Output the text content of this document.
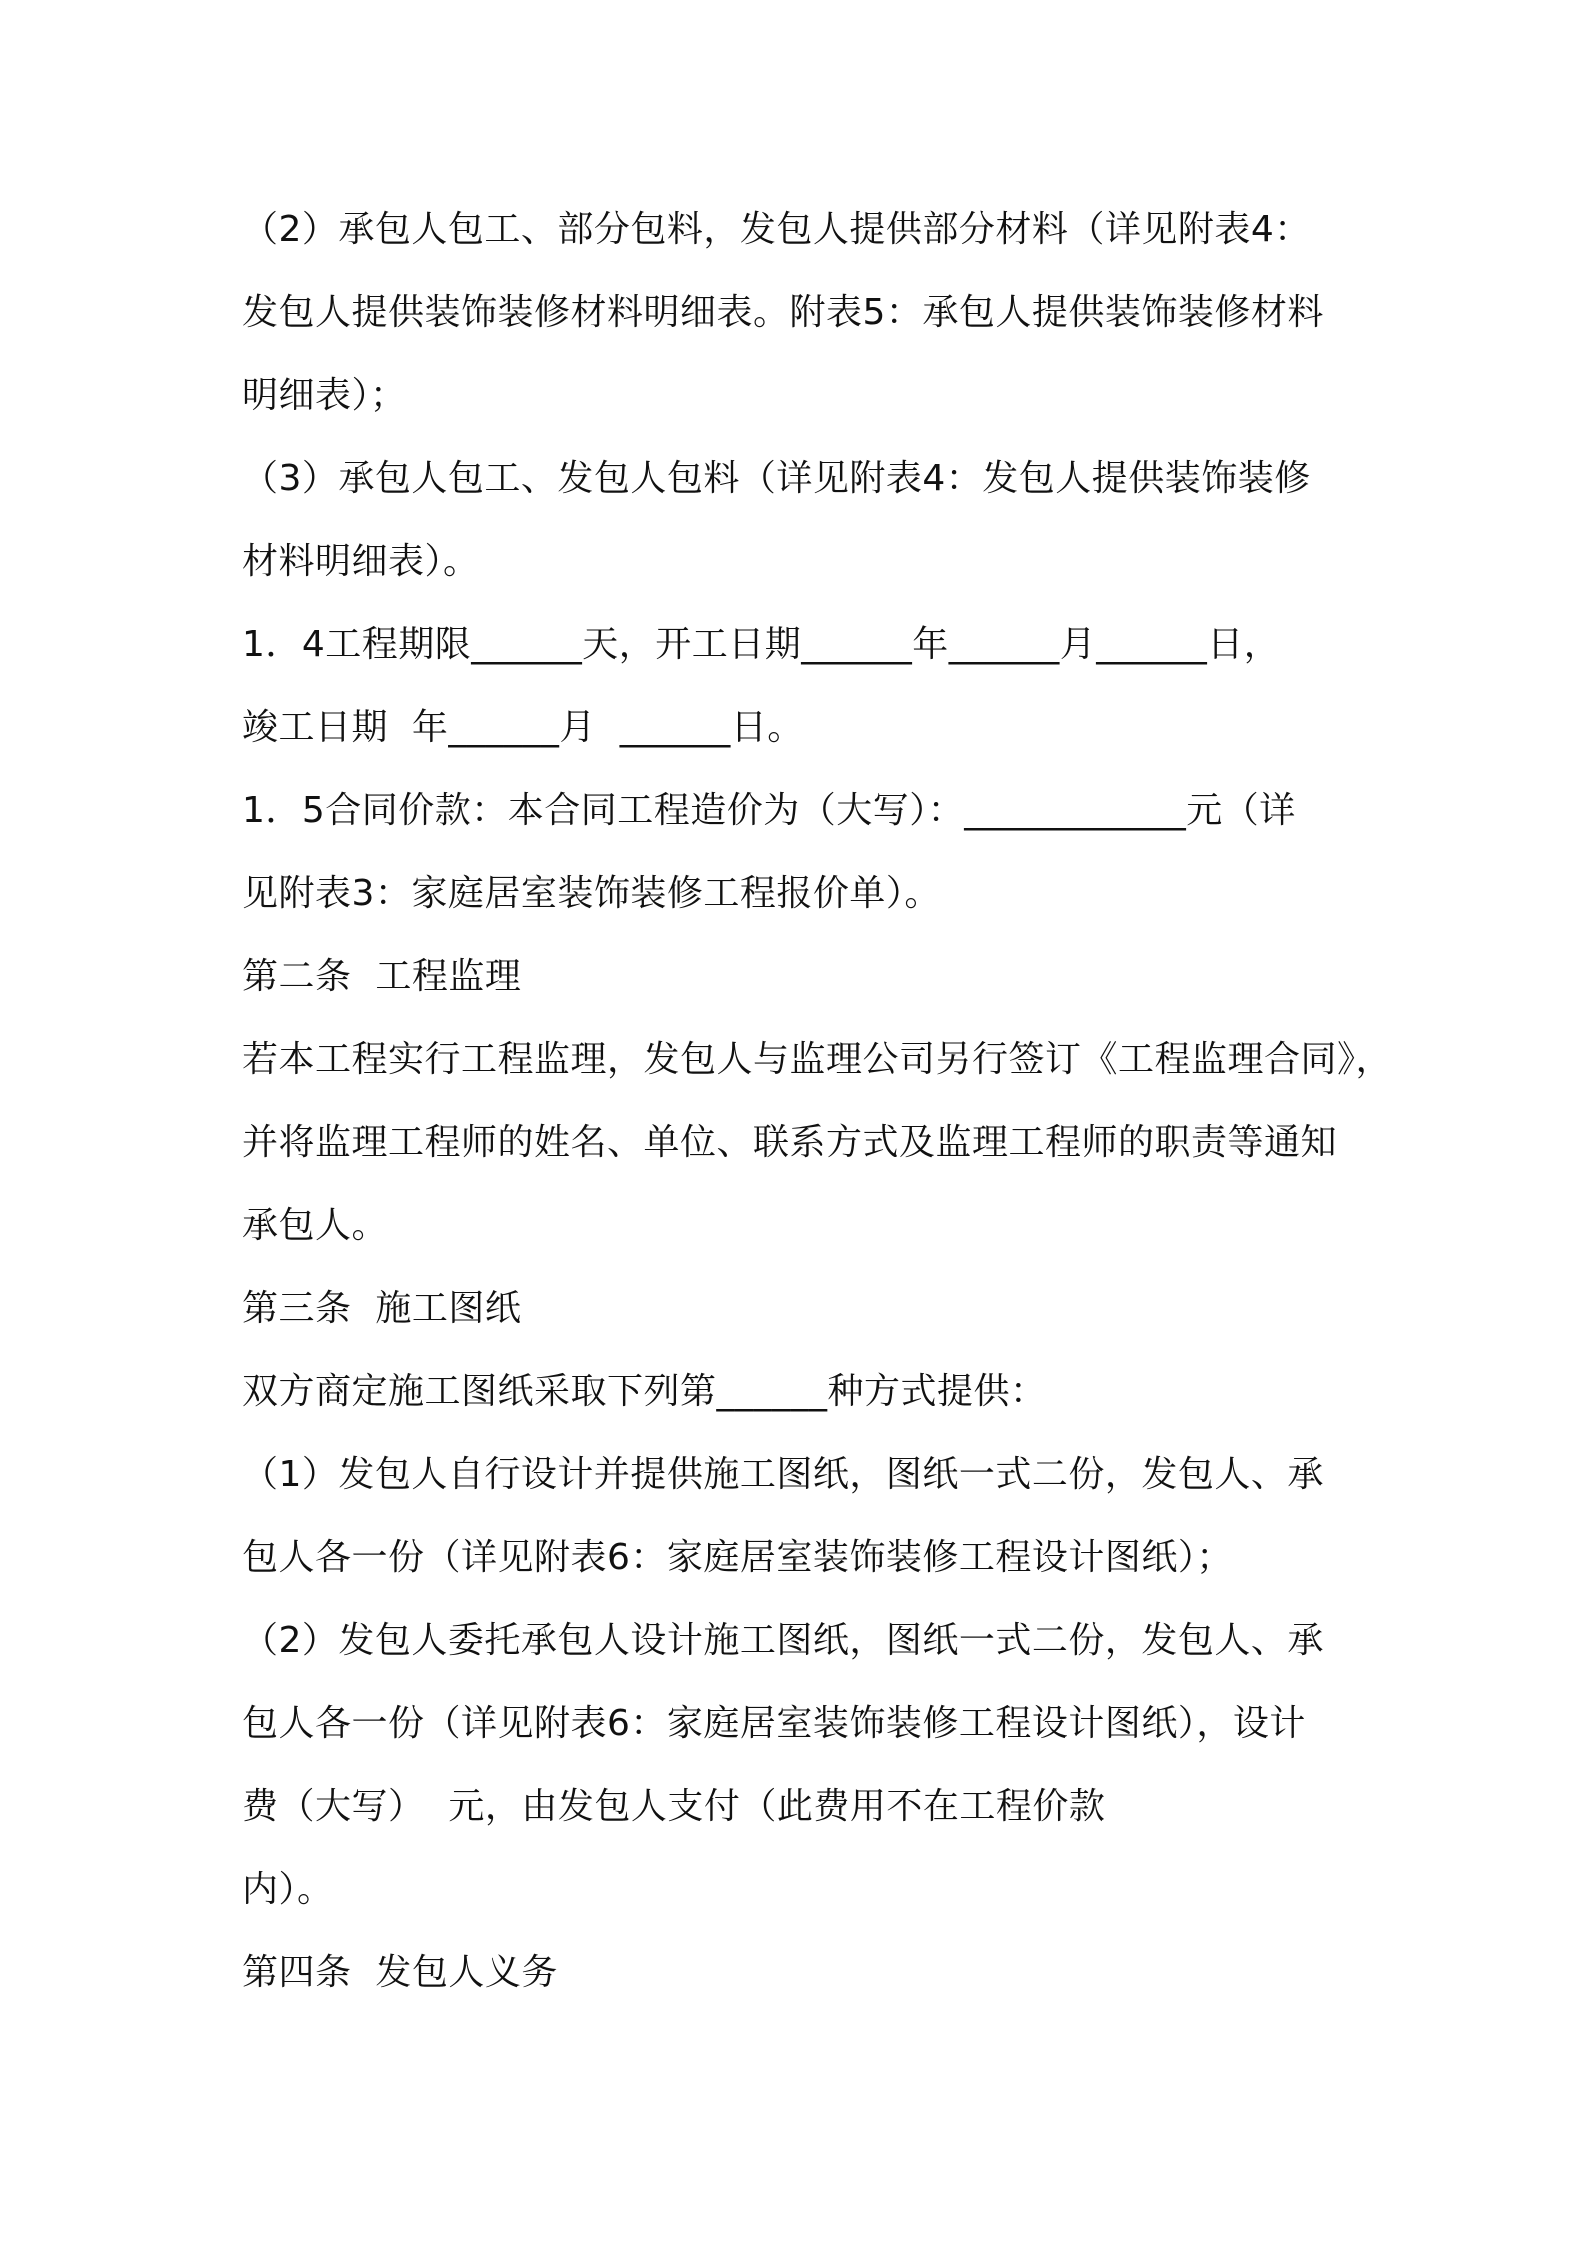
（2）承包人包工、部分包料，发包人提供部分材料（详见附表4：
发包人提供装饰装修材料明细表。附表5：承包人提供装饰装修材料
明细表）；
（3）承包人包工、发包人包料（详见附表4：发包人提供装饰装修
材料明细表）。
1．4工程期限______天，开工日期______年______月______日，
竣工日期  年______月  ______日。
1．5合同价款：本合同工程造价为（大写）：____________元（详
见附表3：家庭居室装饰装修工程报价单）。
第二条  工程监理
若本工程实行工程监理，发包人与监理公司另行签订《工程监理合同》，
并将监理工程师的姓名、单位、联系方式及监理工程师的职责等通知
承包人。
第三条  施工图纸
双方商定施工图纸采取下列第______种方式提供：
（1）发包人自行设计并提供施工图纸，图纸一式二份，发包人、承
包人各一份（详见附表6：家庭居室装饰装修工程设计图纸）；
（2）发包人委托承包人设计施工图纸，图纸一式二份，发包人、承
包人各一份（详见附表6：家庭居室装饰装修工程设计图纸），设计
费（大写）  元，由发包人支付（此费用不在工程价款
内）。
第四条  发包人义务
